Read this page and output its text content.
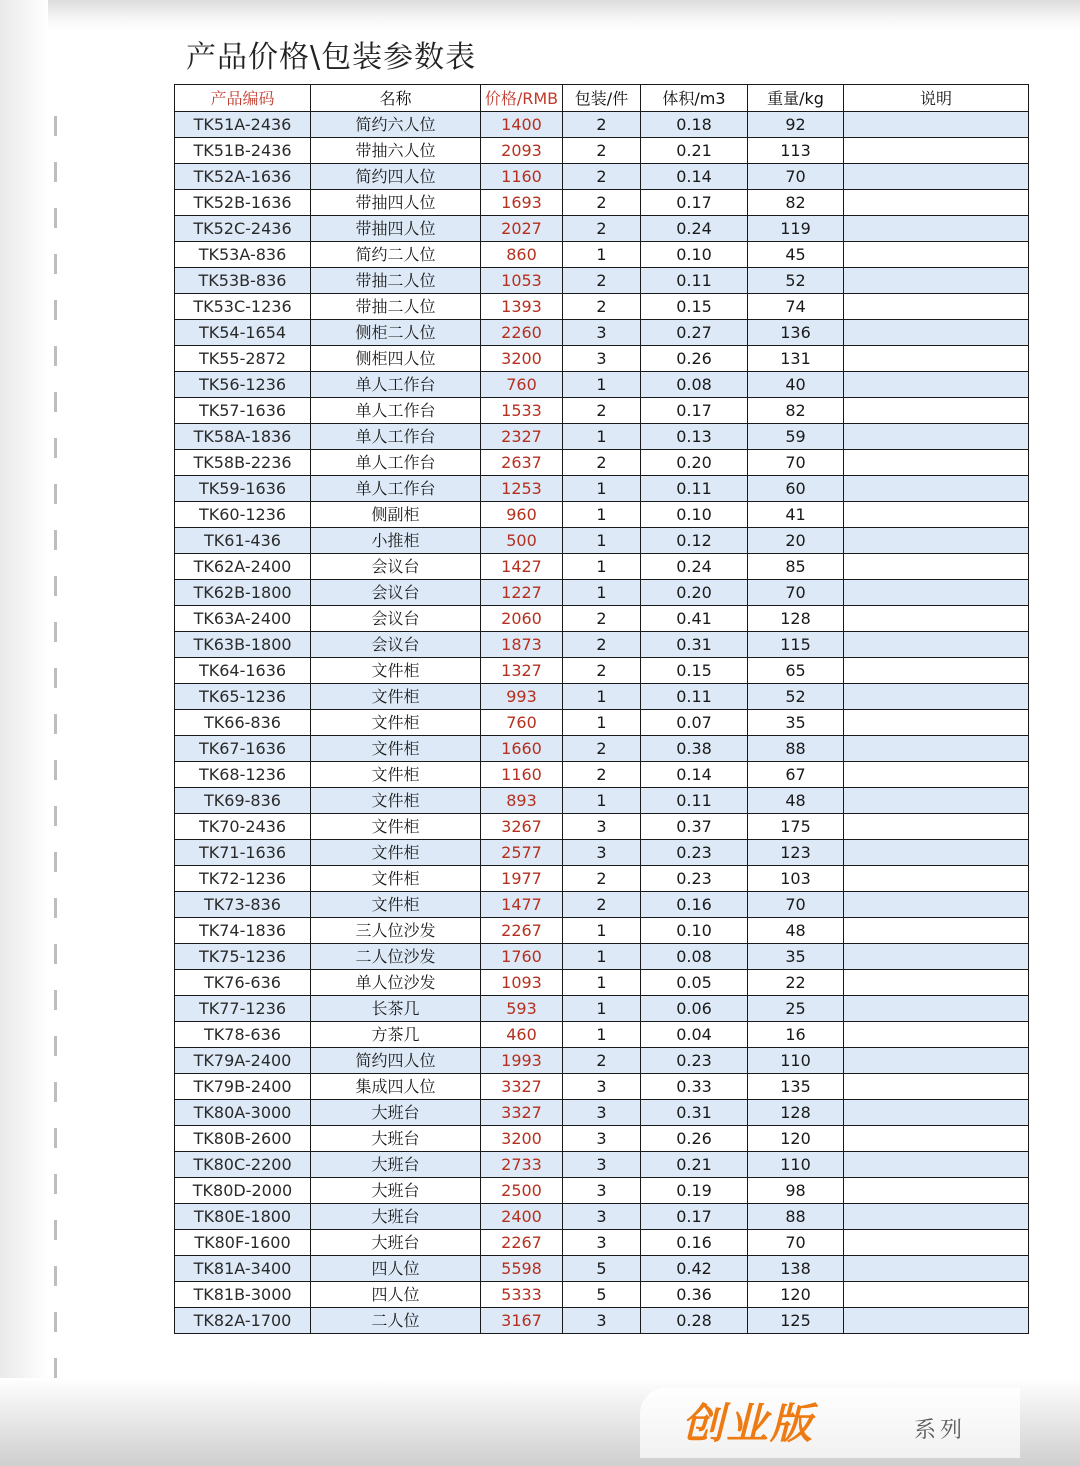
产品价格\包装参数表
产品编码	名称	价格/RMB	包装/件	体积/m3	重量/kg	说明
TK51A-2436	简约六人位	1400	2	0.18	92	
TK51B-2436	带抽六人位	2093	2	0.21	113	
TK52A-1636	简约四人位	1160	2	0.14	70	
TK52B-1636	带抽四人位	1693	2	0.17	82	
TK52C-2436	带抽四人位	2027	2	0.24	119	
TK53A-836	简约二人位	860	1	0.10	45	
TK53B-836	带抽二人位	1053	2	0.11	52	
TK53C-1236	带抽二人位	1393	2	0.15	74	
TK54-1654	侧柜二人位	2260	3	0.27	136	
TK55-2872	侧柜四人位	3200	3	0.26	131	
TK56-1236	单人工作台	760	1	0.08	40	
TK57-1636	单人工作台	1533	2	0.17	82	
TK58A-1836	单人工作台	2327	1	0.13	59	
TK58B-2236	单人工作台	2637	2	0.20	70	
TK59-1636	单人工作台	1253	1	0.11	60	
TK60-1236	侧副柜	960	1	0.10	41	
TK61-436	小推柜	500	1	0.12	20	
TK62A-2400	会议台	1427	1	0.24	85	
TK62B-1800	会议台	1227	1	0.20	70	
TK63A-2400	会议台	2060	2	0.41	128	
TK63B-1800	会议台	1873	2	0.31	115	
TK64-1636	文件柜	1327	2	0.15	65	
TK65-1236	文件柜	993	1	0.11	52	
TK66-836	文件柜	760	1	0.07	35	
TK67-1636	文件柜	1660	2	0.38	88	
TK68-1236	文件柜	1160	2	0.14	67	
TK69-836	文件柜	893	1	0.11	48	
TK70-2436	文件柜	3267	3	0.37	175	
TK71-1636	文件柜	2577	3	0.23	123	
TK72-1236	文件柜	1977	2	0.23	103	
TK73-836	文件柜	1477	2	0.16	70	
TK74-1836	三人位沙发	2267	1	0.10	48	
TK75-1236	二人位沙发	1760	1	0.08	35	
TK76-636	单人位沙发	1093	1	0.05	22	
TK77-1236	长茶几	593	1	0.06	25	
TK78-636	方茶几	460	1	0.04	16	
TK79A-2400	简约四人位	1993	2	0.23	110	
TK79B-2400	集成四人位	3327	3	0.33	135	
TK80A-3000	大班台	3327	3	0.31	128	
TK80B-2600	大班台	3200	3	0.26	120	
TK80C-2200	大班台	2733	3	0.21	110	
TK80D-2000	大班台	2500	3	0.19	98	
TK80E-1800	大班台	2400	3	0.17	88	
TK80F-1600	大班台	2267	3	0.16	70	
TK81A-3400	四人位	5598	5	0.42	138	
TK81B-3000	四人位	5333	5	0.36	120	
TK82A-1700	二人位	3167	3	0.28	125	

创业版	系列
